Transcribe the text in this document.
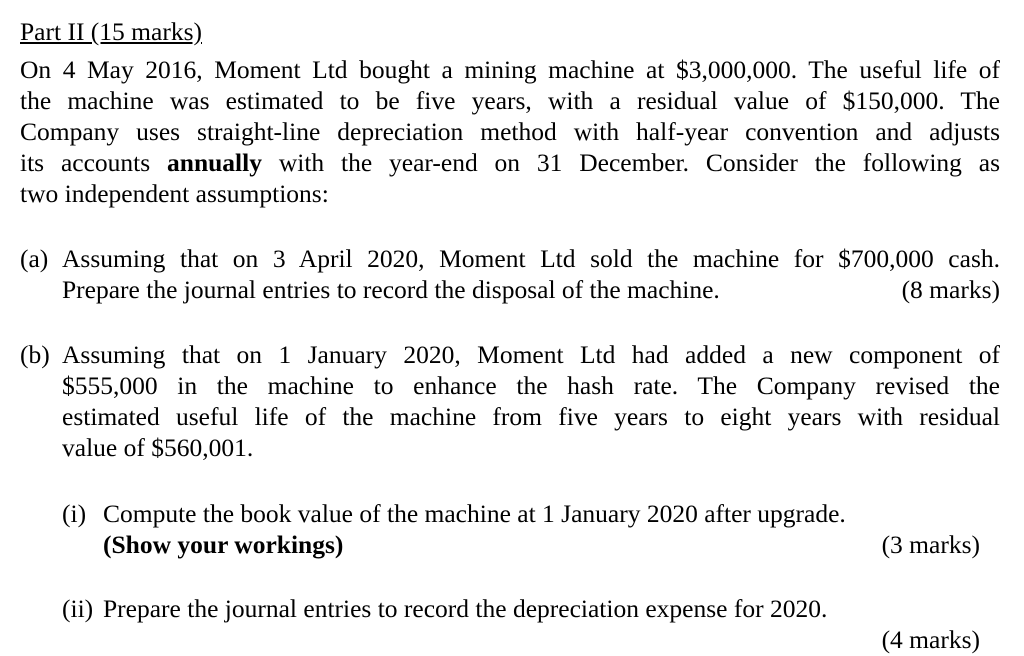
Part II (15 marks)
On 4 May 2016, Moment Ltd bought a mining machine at $3,000,000. The useful life of
the machine was estimated to be five years, with a residual value of $150,000. The
Company uses straight-line depreciation method with half-year convention and adjusts
its accounts annually with the year-end on 31 December. Consider the following as
two independent assumptions:
(a) Assuming that on 3 April 2020, Moment Ltd sold the machine for $700,000 cash.
Prepare the journal entries to record the disposal of the machine.	(8 marks)
(b) Assuming that on 1 January 2020, Moment Ltd had added a new component of
$555,000 in the machine to enhance the hash rate. The Company revised the
estimated useful life of the machine from five years to eight years with residual
value of $560,001.
(i) Compute the book value of the machine at 1 January 2020 after upgrade.
(Show your workings)	(3 marks)
(ii) Prepare the journal entries to record the depreciation expense for 2020.
(4 marks)
